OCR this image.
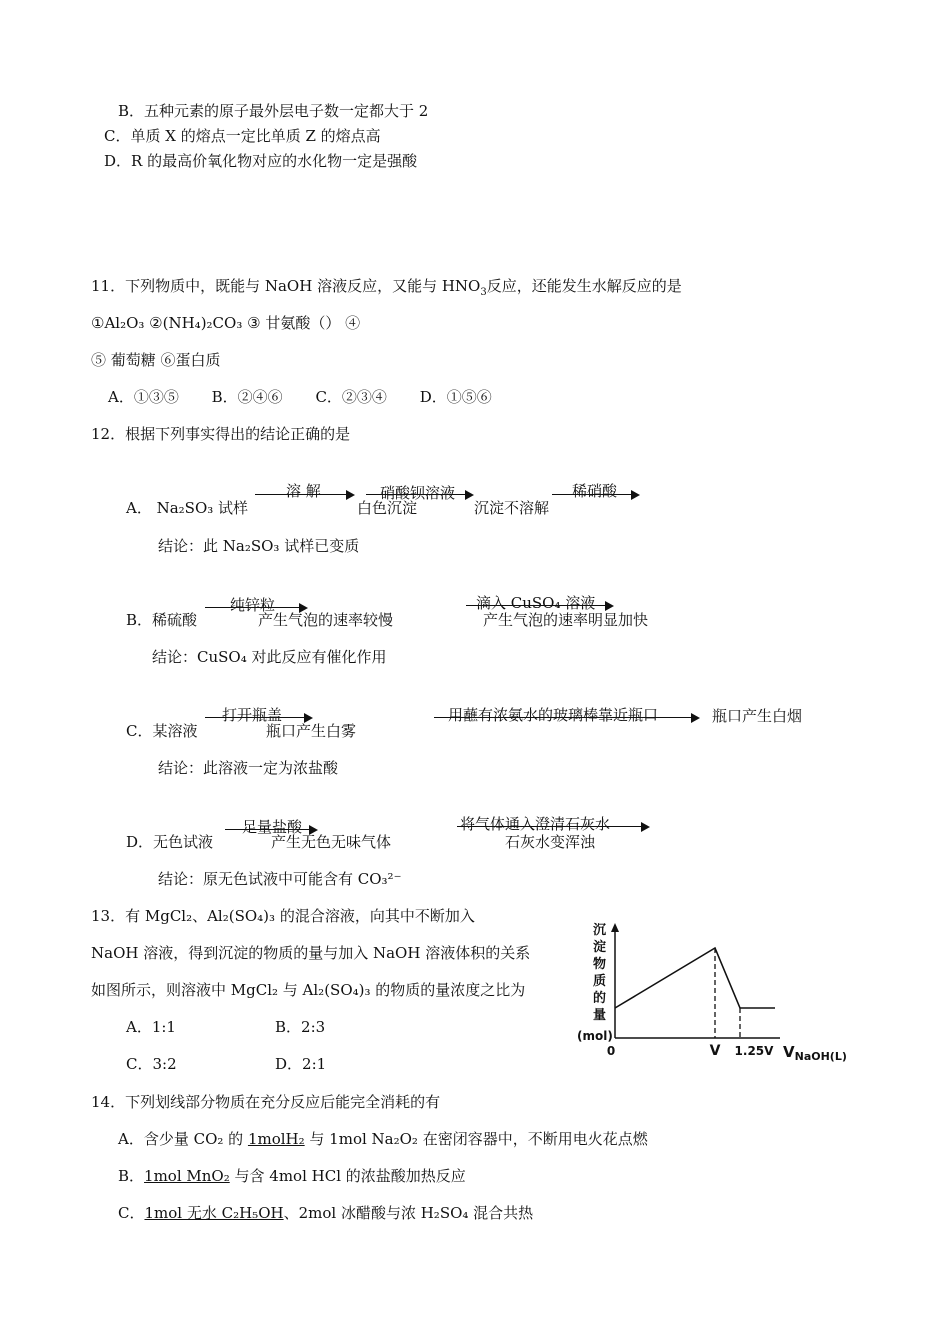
B．五种元素的原子最外层电子数一定都大于 2
C．单质 X 的熔点一定比单质 Z 的熔点高
D．R 的最高价氧化物对应的水化物一定是强酸
11．下列物质中，既能与 NaOH 溶液反应，又能与 $HNO_3$反应，还能发生水解反应的是
①Al₂O₃ ②(NH₄)₂CO₃ ③ 甘氨酸（） ④
⑤ 葡萄糖 ⑥蛋白质
A．①③⑤ B．②④⑥ C．②③④ D．①⑤⑥
12．根据下列事实得出的结论正确的是
A． Na₂SO₃ 试样
溶 解
白色沉淀
硝酸钡溶液
沉淀不溶解
稀硝酸
结论：此 Na₂SO₃ 试样已变质
B．稀硫酸
纯锌粒
产生气泡的速率较慢
滴入 CuSO₄ 溶液
产生气泡的速率明显加快
结论：CuSO₄ 对此反应有催化作用
C．某溶液
打开瓶盖
瓶口产生白雾
用蘸有浓氨水的玻璃棒靠近瓶口	瓶口产生白烟
结论：此溶液一定为浓盐酸
D．无色试液
足量盐酸
产生无色无味气体
将气体通入澄清石灰水
石灰水变浑浊
结论：原无色试液中可能含有 CO₃²⁻
13．有 MgCl₂、Al₂(SO₄)₃ 的混合溶液，向其中不断加入
NaOH 溶液，得到沉淀的物质的量与加入 NaOH 溶液体积的关系
如图所示，则溶液中 MgCl₂ 与 Al₂(SO₄)₃ 的物质的量浓度之比为
A．1:1	B．2:3
C．3:2	D．2:1
沉淀物质的量(mol)
0	V 1.25V $V_{NaOH(L)}$
14．下列划线部分物质在充分反应后能完全消耗的有
A．含少量 CO₂ 的 1molH₂ 与 1mol Na₂O₂ 在密闭容器中，不断用电火花点燃
B．1mol MnO₂ 与含 4mol HCl 的浓盐酸加热反应
C．1mol 无水 C₂H₅OH、2mol 冰醋酸与浓 H₂SO₄ 混合共热
